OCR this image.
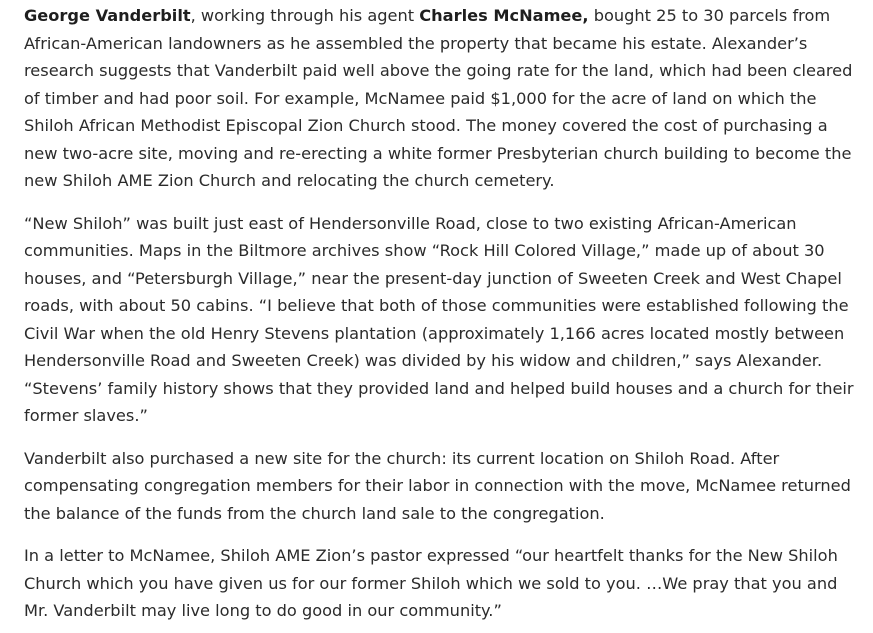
George Vanderbilt, working through his agent Charles McNamee, bought 25 to 30 parcels from African-American landowners as he assembled the property that became his estate. Alexander’s research suggests that Vanderbilt paid well above the going rate for the land, which had been cleared of timber and had poor soil. For example, McNamee paid $1,000 for the acre of land on which the Shiloh African Methodist Episcopal Zion Church stood. The money covered the cost of purchasing a new two-acre site, moving and re-erecting a white former Presbyterian church building to become the new Shiloh AME Zion Church and relocating the church cemetery.

“New Shiloh” was built just east of Hendersonville Road, close to two existing African-American communities. Maps in the Biltmore archives show “Rock Hill Colored Village,” made up of about 30 houses, and “Petersburgh Village,” near the present-day junction of Sweeten Creek and West Chapel roads, with about 50 cabins. “I believe that both of those communities were established following the Civil War when the old Henry Stevens plantation (approximately 1,166 acres located mostly between Hendersonville Road and Sweeten Creek) was divided by his widow and children,” says Alexander. “Stevens’ family history shows that they provided land and helped build houses and a church for their former slaves.”

Vanderbilt also purchased a new site for the church: its current location on Shiloh Road. After compensating congregation members for their labor in connection with the move, McNamee returned the balance of the funds from the church land sale to the congregation.

In a letter to McNamee, Shiloh AME Zion’s pastor expressed “our heartfelt thanks for the New Shiloh Church which you have given us for our former Shiloh which we sold to you. …We pray that you and Mr. Vanderbilt may live long to do good in our community.”
